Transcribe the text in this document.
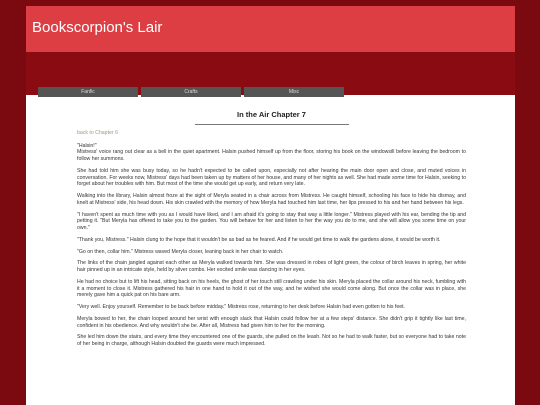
Bookscorpion's Lair
Fanfic	Crafts	Misc
In the Air Chapter 7
back to Chapter 6

"Halsin!"
Mistress' voice rang out clear as a bell in the quiet apartment. Halsin pushed himself up from the floor, storing his book on the windowsill before leaving the bedroom to follow her summons.

She had told him she was busy today, so he hadn't expected to be called upon, especially not after hearing the main door open and close, and muted voices in conversation. For weeks now, Mistress' days had been taken up by matters of her house, and many of her nights as well. She had made some time for Halsin, seeking to forget about her troubles with him. But most of the time she would get up early, and return very late.

Walking into the library, Halsin almost froze at the sight of Meryla seated in a chair across from Mistress. He caught himself, schooling his face to hide his dismay, and knelt at Mistress' side, his head down. His skin crawled with the memory of how Meryla had touched him last time, her lips pressed to his and her hand between his legs.

"I haven't spent as much time with you as I would have liked, and I am afraid it's going to stay that way a little longer." Mistress played with his ear, bending the tip and petting it. "But Meryla has offered to take you to the garden. You will behave for her and listen to her the way you do to me, and she will allow you some time on your own."

"Thank you, Mistress." Halsin clung to the hope that it wouldn't be as bad as he feared. And if he would get time to walk the gardens alone, it would be worth it.

"Go on then, collar him." Mistress waved Meryla closer, leaning back in her chair to watch.

The links of the chain jangled against each other as Meryla walked towards him. She was dressed in robes of light green, the colour of birch leaves in spring, her white hair pinned up in an intricate style, held by silver combs. Her excited smile was dancing in her eyes.

He had no choice but to lift his head, sitting back on his heels, the ghost of her touch still crawling under his skin. Meryla placed the collar around his neck, fumbling with it a moment to close it. Mistress gathered his hair in one hand to hold it out of the way, and he wished she would come along. But once the collar was in place, she merely gave him a quick pat on his bare arm.

"Very well. Enjoy yourself. Remember to be back before midday." Mistress rose, returning to her desk before Halsin had even gotten to his feet.

Meryla bowed to her, the chain looped around her wrist with enough slack that Halsin could follow her at a few steps' distance. She didn't grip it tightly like last time, confident in his obedience. And why wouldn't she be. After all, Mistress had given him to her for the morning.

She led him down the stairs, and every time they encountered one of the guards, she pulled on the leash. Not so he had to walk faster, but so everyone had to take note of her being in charge, although Halsin doubted the guards were much impressed.
